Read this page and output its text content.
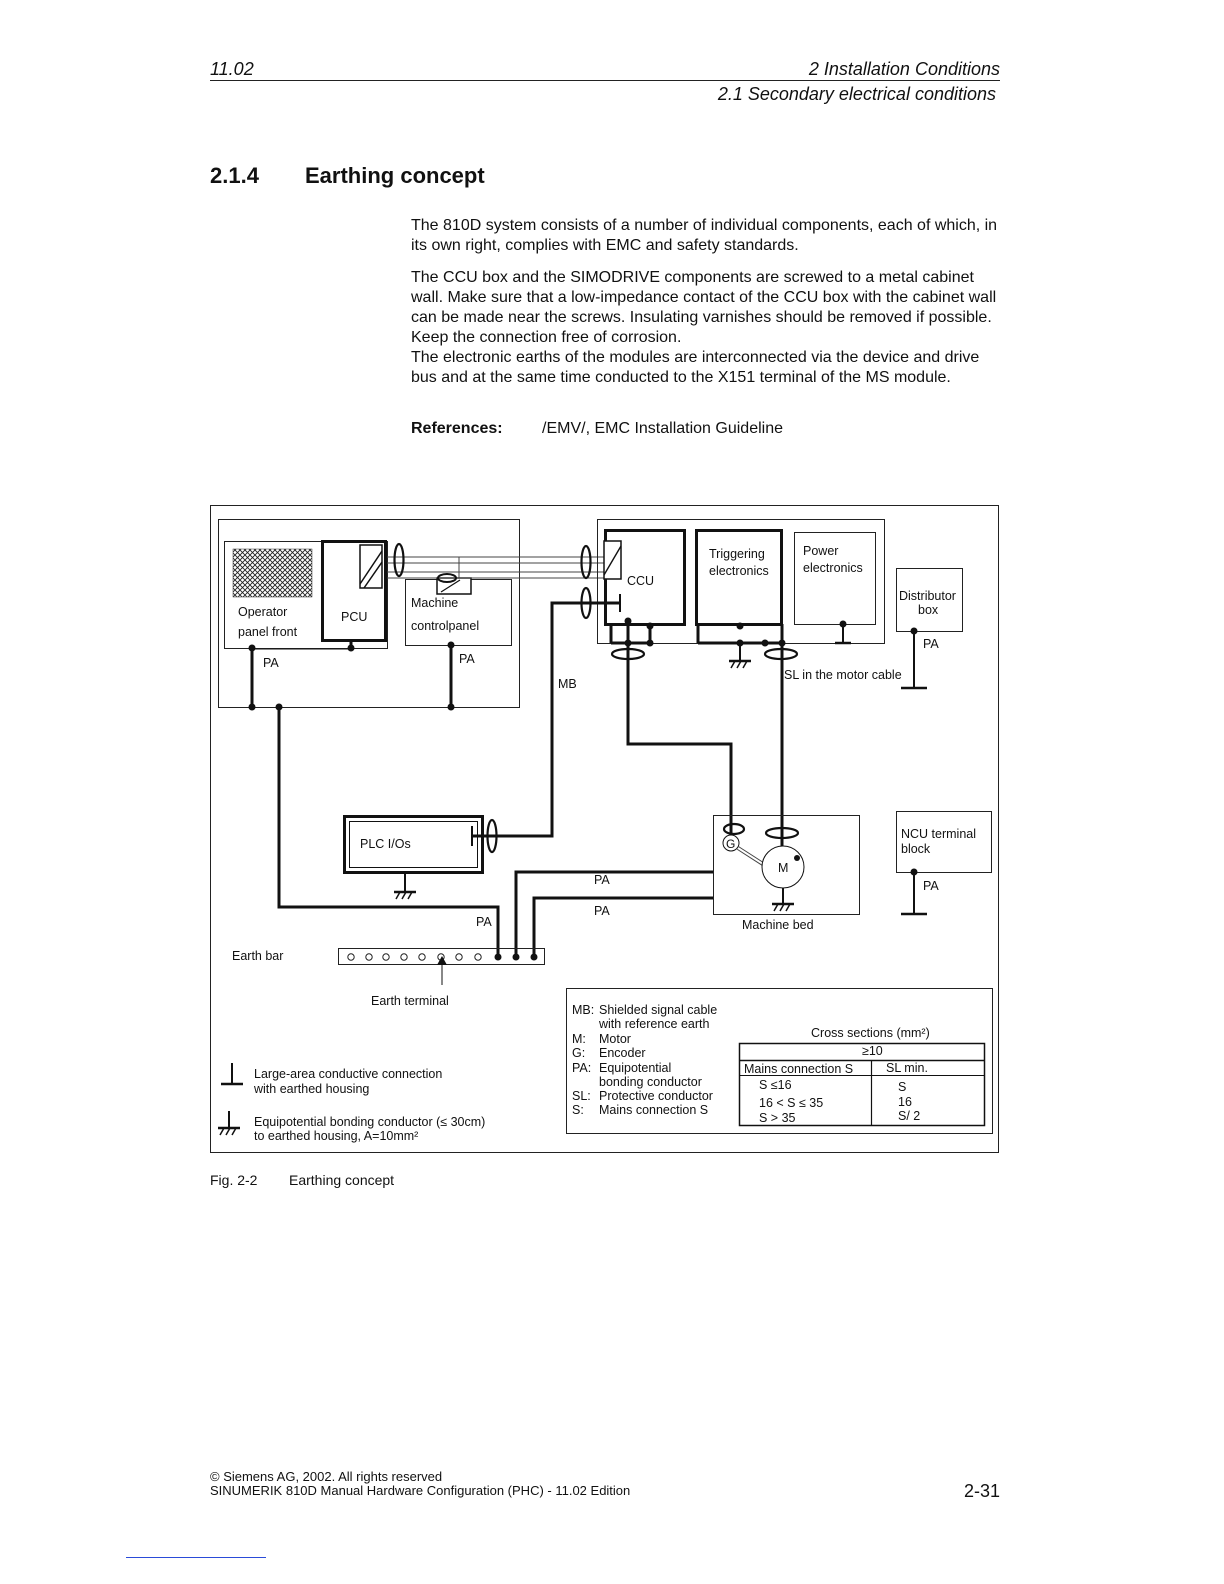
11.02	2 Installation Conditions
2.1 Secondary electrical conditions
2.1.4 Earthing concept
The 810D system consists of a number of individual components, each of which, in its own right, complies with EMC and safety standards.
The CCU box and the SIMODRIVE components are screwed to a metal cabinet wall. Make sure that a low-impedance contact of the CCU box with the cabinet wall can be made near the screws. Insulating varnishes should be removed if possible. Keep the connection free of corrosion.
The electronic earths of the modules are interconnected via the device and drive bus and at the same time conducted to the X151 terminal of the MS module.
References: /EMV/, EMC Installation Guideline
Operator
panel front
PCU
Machine
controlpanel
PA	PA
CCU
Triggering
electronics
Power
electronics
SL in the motor cable
Distributor
box
PA
MB
PLC I/Os
PA
G
M
Machine bed
PA
PA
NCU terminal
block
PA
Earth bar
Earth terminal
Large-area conductive connection
with earthed housing
Equipotential bonding conductor (≤ 30cm)
to earthed housing, A=10mm²
MB: Shielded signal cable
with reference earth
M: Motor
G: Encoder
PA: Equipotential
bonding conductor
SL: Protective conductor
S: Mains connection S
Cross sections (mm²)
≥10
Mains connection S	SL min.
S ≤16	S
16 < S ≤ 35	16
S > 35	S/ 2
Fig. 2-2 Earthing concept
© Siemens AG, 2002. All rights reserved
SINUMERIK 810D Manual Hardware Configuration (PHC) - 11.02 Edition	2-31
